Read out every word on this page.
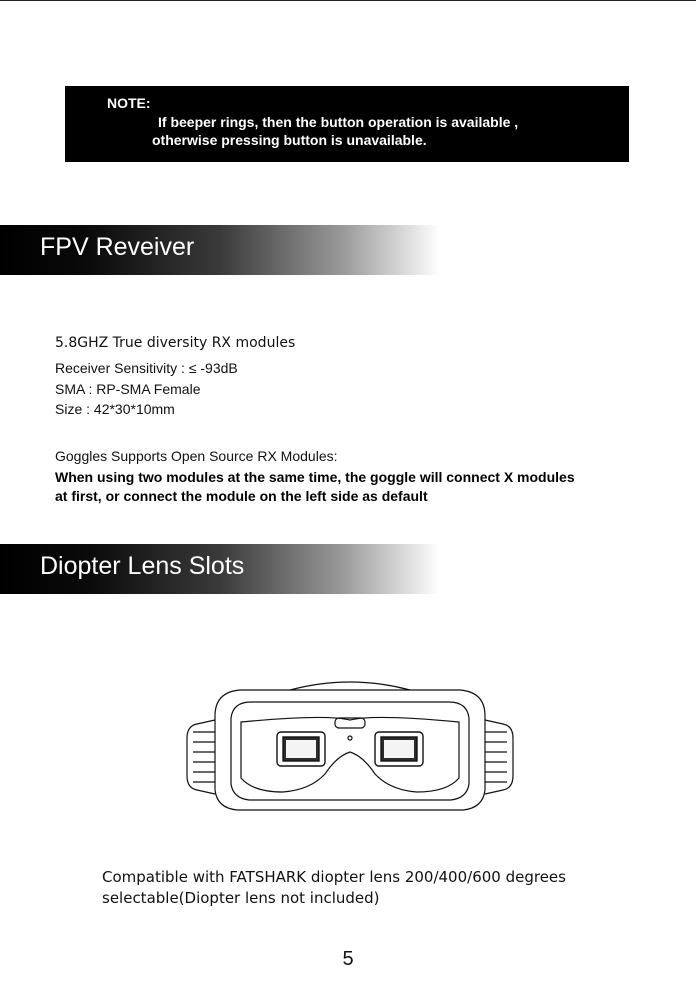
NOTE:
If beeper rings, then the button operation is available ,
otherwise pressing button is unavailable.
FPV Reveiver
5.8GHZ True diversity RX modules
Receiver Sensitivity : ≤ -93dB
SMA : RP-SMA Female
Size : 42*30*10mm
Goggles Supports Open Source RX Modules:
When using two modules at the same time, the goggle will connect X modules
at first, or connect the module on the left side as default
Diopter Lens Slots
Compatible with FATSHARK diopter lens 200/400/600 degrees
selectable(Diopter lens not included)
5
